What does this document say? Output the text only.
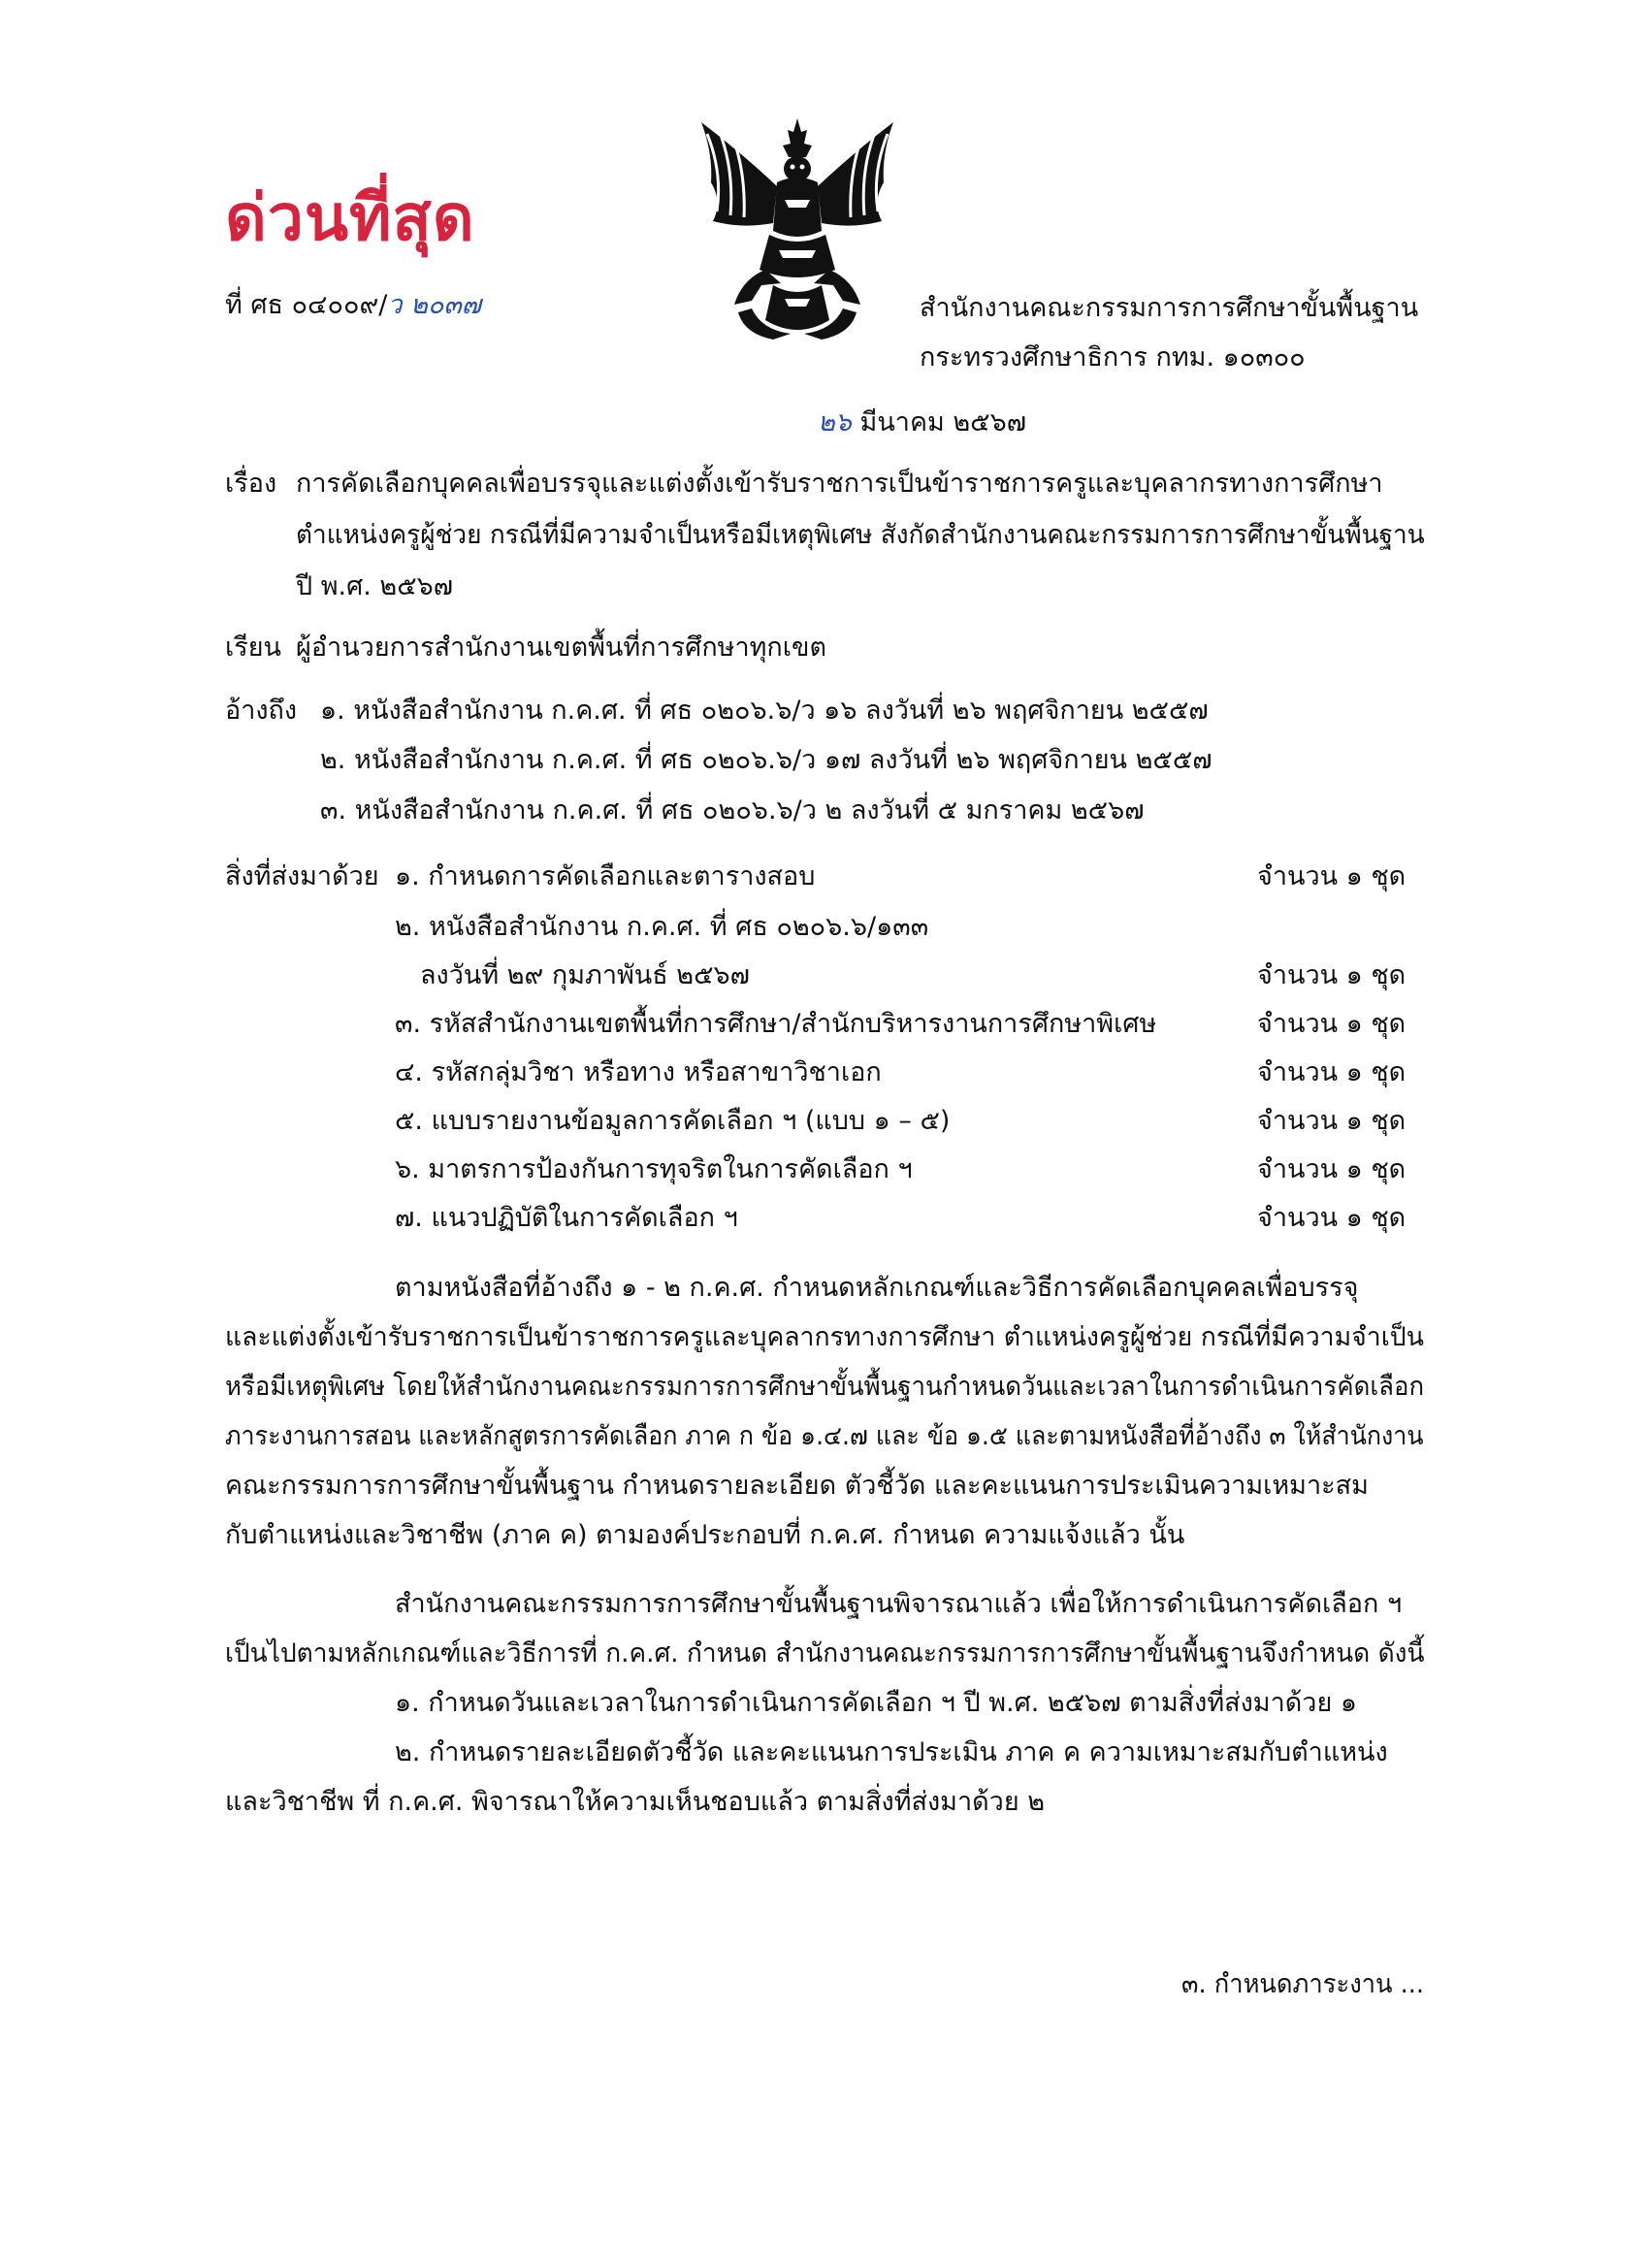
ด่วนที่สุด
ที่ ศธ ๐๔๐๐๙/ว ๒๐๓๗	สำนักงานคณะกรรมการการศึกษาขั้นพื้นฐาน
กระทรวงศึกษาธิการ กทม. ๑๐๓๐๐
๒๖ มีนาคม ๒๕๖๗
เรื่อง การคัดเลือกบุคคลเพื่อบรรจุและแต่งตั้งเข้ารับราชการเป็นข้าราชการครูและบุคลากรทางการศึกษา
ตำแหน่งครูผู้ช่วย กรณีที่มีความจำเป็นหรือมีเหตุพิเศษ สังกัดสำนักงานคณะกรรมการการศึกษาขั้นพื้นฐาน
ปี พ.ศ. ๒๕๖๗
เรียน ผู้อำนวยการสำนักงานเขตพื้นที่การศึกษาทุกเขต
อ้างถึง ๑. หนังสือสำนักงาน ก.ค.ศ. ที่ ศธ ๐๒๐๖.๖/ว ๑๖ ลงวันที่ ๒๖ พฤศจิกายน ๒๕๕๗
๒. หนังสือสำนักงาน ก.ค.ศ. ที่ ศธ ๐๒๐๖.๖/ว ๑๗ ลงวันที่ ๒๖ พฤศจิกายน ๒๕๕๗
๓. หนังสือสำนักงาน ก.ค.ศ. ที่ ศธ ๐๒๐๖.๖/ว ๒ ลงวันที่ ๕ มกราคม ๒๕๖๗
สิ่งที่ส่งมาด้วย ๑. กำหนดการคัดเลือกและตารางสอบ	จำนวน ๑ ชุด
๒. หนังสือสำนักงาน ก.ค.ศ. ที่ ศธ ๐๒๐๖.๖/๑๓๓
ลงวันที่ ๒๙ กุมภาพันธ์ ๒๕๖๗	จำนวน ๑ ชุด
๓. รหัสสำนักงานเขตพื้นที่การศึกษา/สำนักบริหารงานการศึกษาพิเศษ	จำนวน ๑ ชุด
๔. รหัสกลุ่มวิชา หรือทาง หรือสาขาวิชาเอก	จำนวน ๑ ชุด
๕. แบบรายงานข้อมูลการคัดเลือก ฯ (แบบ ๑ – ๕)	จำนวน ๑ ชุด
๖. มาตรการป้องกันการทุจริตในการคัดเลือก ฯ	จำนวน ๑ ชุด
๗. แนวปฏิบัติในการคัดเลือก ฯ	จำนวน ๑ ชุด
ตามหนังสือที่อ้างถึง ๑ - ๒ ก.ค.ศ. กำหนดหลักเกณฑ์และวิธีการคัดเลือกบุคคลเพื่อบรรจุ
และแต่งตั้งเข้ารับราชการเป็นข้าราชการครูและบุคลากรทางการศึกษา ตำแหน่งครูผู้ช่วย กรณีที่มีความจำเป็น
หรือมีเหตุพิเศษ โดยให้สำนักงานคณะกรรมการการศึกษาขั้นพื้นฐานกำหนดวันและเวลาในการดำเนินการคัดเลือก
ภาระงานการสอน และหลักสูตรการคัดเลือก ภาค ก ข้อ ๑.๔.๗ และ ข้อ ๑.๕ และตามหนังสือที่อ้างถึง ๓ ให้สำนักงาน
คณะกรรมการการศึกษาขั้นพื้นฐาน กำหนดรายละเอียด ตัวชี้วัด และคะแนนการประเมินความเหมาะสม
กับตำแหน่งและวิชาชีพ (ภาค ค) ตามองค์ประกอบที่ ก.ค.ศ. กำหนด ความแจ้งแล้ว นั้น
สำนักงานคณะกรรมการการศึกษาขั้นพื้นฐานพิจารณาแล้ว เพื่อให้การดำเนินการคัดเลือก ฯ
เป็นไปตามหลักเกณฑ์และวิธีการที่ ก.ค.ศ. กำหนด สำนักงานคณะกรรมการการศึกษาขั้นพื้นฐานจึงกำหนด ดังนี้
๑. กำหนดวันและเวลาในการดำเนินการคัดเลือก ฯ ปี พ.ศ. ๒๕๖๗ ตามสิ่งที่ส่งมาด้วย ๑
๒. กำหนดรายละเอียดตัวชี้วัด และคะแนนการประเมิน ภาค ค ความเหมาะสมกับตำแหน่ง
และวิชาชีพ ที่ ก.ค.ศ. พิจารณาให้ความเห็นชอบแล้ว ตามสิ่งที่ส่งมาด้วย ๒
๓. กำหนดภาระงาน ...
